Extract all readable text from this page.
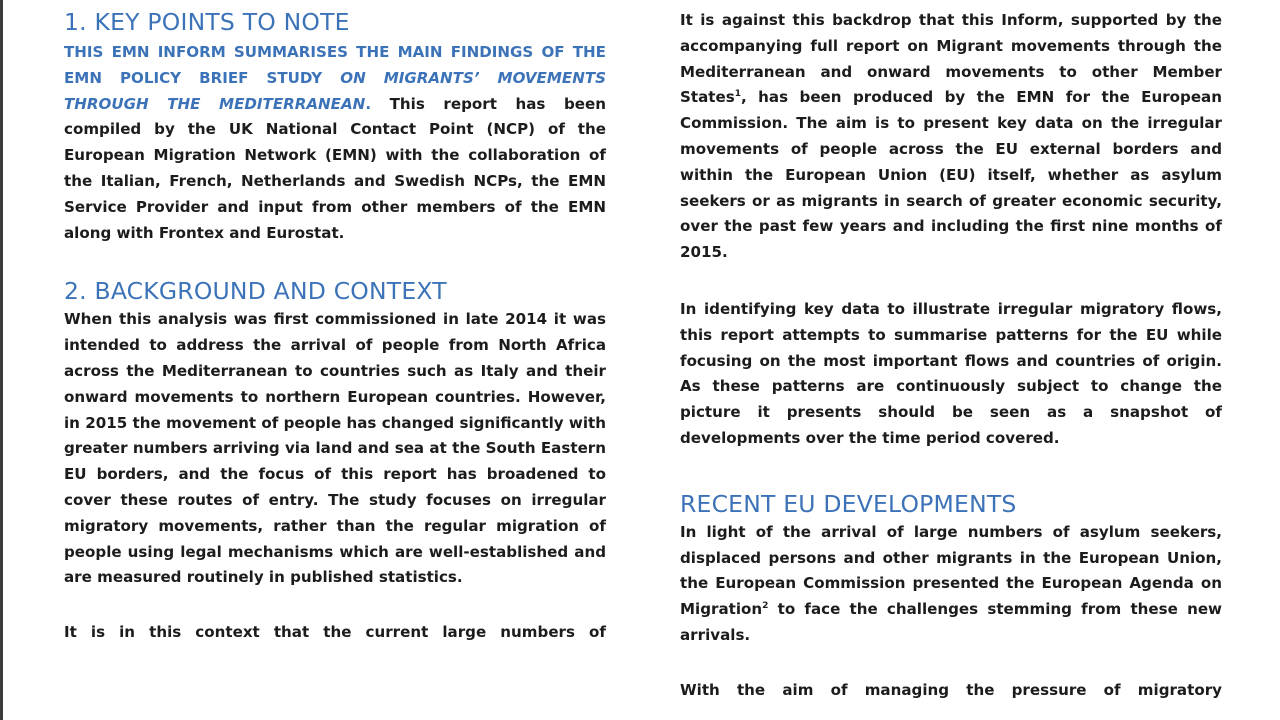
1. KEY POINTS TO NOTE

THIS EMN INFORM SUMMARISES THE MAIN FINDINGS OF THE EMN POLICY BRIEF STUDY ON MIGRANTS’ MOVEMENTS THROUGH THE MEDITERRANEAN. This report has been compiled by the UK National Contact Point (NCP) of the European Migration Network (EMN) with the collaboration of the Italian, French, Netherlands and Swedish NCPs, the EMN Service Provider and input from other members of the EMN along with Frontex and Eurostat.

2. BACKGROUND AND CONTEXT

When this analysis was first commissioned in late 2014 it was intended to address the arrival of people from North Africa across the Mediterranean to countries such as Italy and their onward movements to northern European countries. However, in 2015 the movement of people has changed significantly with greater numbers arriving via land and sea at the South Eastern EU borders, and the focus of this report has broadened to cover these routes of entry. The study focuses on irregular migratory movements, rather than the regular migration of people using legal mechanisms which are well-established and are measured routinely in published statistics.

It is in this context that the current large numbers of

It is against this backdrop that this Inform, supported by the accompanying full report on Migrant movements through the Mediterranean and onward movements to other Member States$^1$, has been produced by the EMN for the European Commission. The aim is to present key data on the irregular movements of people across the EU external borders and within the European Union (EU) itself, whether as asylum seekers or as migrants in search of greater economic security, over the past few years and including the first nine months of 2015.

In identifying key data to illustrate irregular migratory flows, this report attempts to summarise patterns for the EU while focusing on the most important flows and countries of origin. As these patterns are continuously subject to change the picture it presents should be seen as a snapshot of developments over the time period covered.

RECENT EU DEVELOPMENTS

In light of the arrival of large numbers of asylum seekers, displaced persons and other migrants in the European Union, the European Commission presented the European Agenda on Migration$^2$ to face the challenges stemming from these new arrivals.

With the aim of managing the pressure of migratory
